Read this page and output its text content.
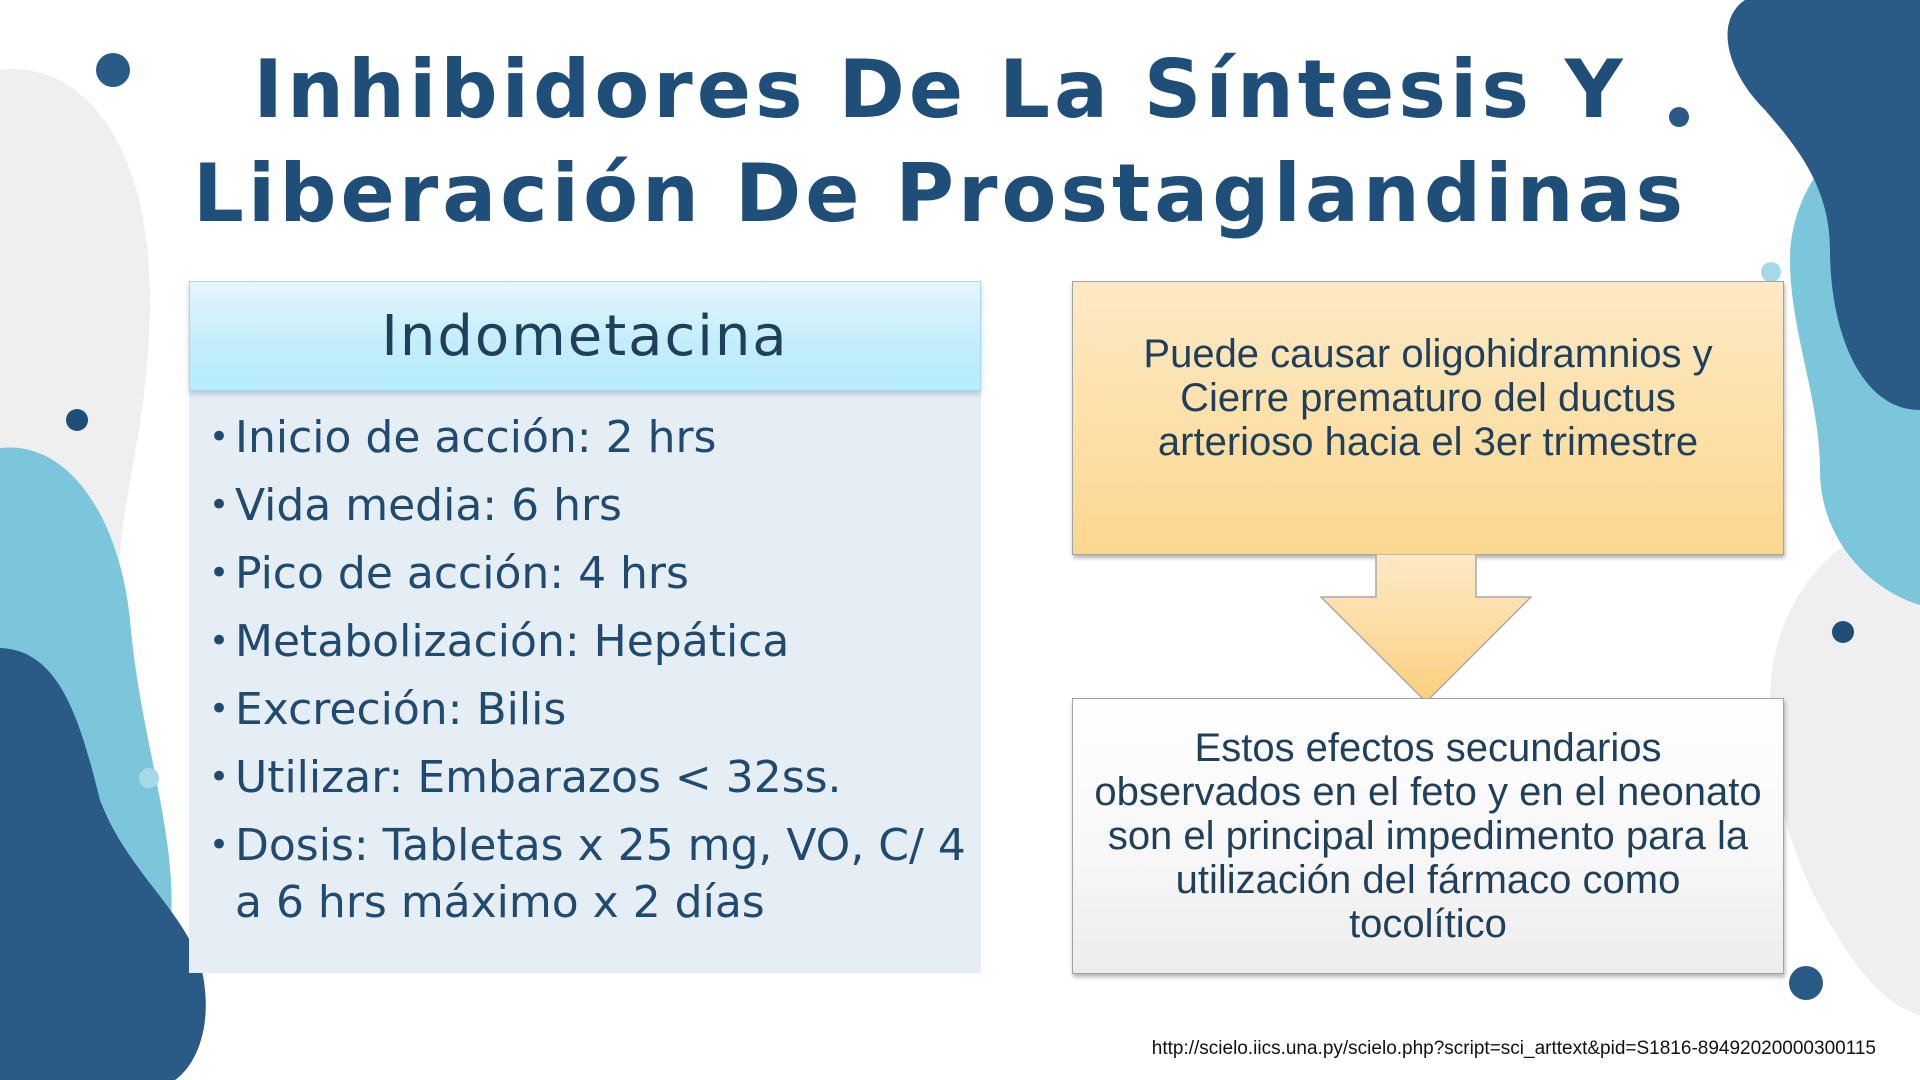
Inhibidores De La Síntesis Y
Liberación De Prostaglandinas
Indometacina
• Inicio de acción: 2 hrs
• Vida media: 6 hrs
• Pico de acción: 4 hrs
• Metabolización: Hepática
• Excreción: Bilis
• Utilizar: Embarazos < 32ss.
• Dosis: Tabletas x 25 mg, VO, C/ 4 a 6 hrs máximo x 2 días
Puede causar oligohidramnios y Cierre prematuro del ductus arterioso hacia el 3er trimestre
Estos efectos secundarios observados en el feto y en el neonato son el principal impedimento para la utilización del fármaco como tocolítico
http://scielo.iics.una.py/scielo.php?script=sci_arttext&pid=S1816-89492020000300115
